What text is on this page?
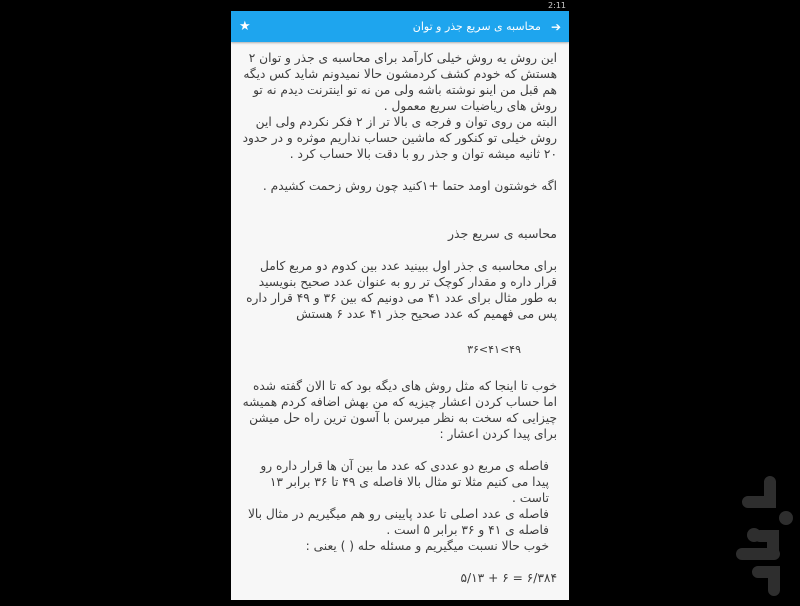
2:11
★	➔
محاسبه ی سریع جذر و توان

این روش یه روش خیلی کارآمد برای محاسبه ی جذر و توان ۲ هستش که خودم کشف کردمشون حالا نمیدونم شاید کس دیگه هم قبل من اینو نوشته باشه ولی من نه تو اینترنت دیدم نه تو روش های ریاضیات سریع معمول .

البته من روی توان و فرجه ی بالا تر از ۲ فکر نکردم ولی این روش خیلی تو کنکور که ماشین حساب نداریم موثره و در حدود ۲۰ ثانیه میشه توان و جذر رو با دقت بالا حساب کرد .

اگه خوشتون اومد حتما +۱کنید چون روش زحمت کشیدم .

محاسبه ی سریع جذر

برای محاسبه ی جذر اول ببینید عدد بین کدوم دو مربع کامل قرار داره و مقدار کوچک تر رو به عنوان عدد صحیح بنویسید

به طور مثال برای عدد ۴۱ می دونیم که بین ۳۶ و ۴۹ قرار داره پس می فهمیم که عدد صحیح جذر ۴۱ عدد ۶ هستش

۴۹>۴۱>۳۶

خوب تا اینجا که مثل روش های دیگه بود که تا الان گفته شده اما حساب کردن اعشار چیزیه که من بهش اضافه کردم همیشه چیزایی که سخت به نظر میرسن با آسون ترین راه حل میشن برای پیدا کردن اعشار :

فاصله ی مربع دو عددی که عدد ما بین آن ها قرار داره رو پیدا می کنیم مثلا تو مثال بالا فاصله ی ۴۹ تا ۳۶ برابر ۱۳ تاست .

فاصله ی عدد اصلی تا عدد پایینی رو هم میگیریم در مثال بالا فاصله ی ۴۱ و ۳۶ برابر ۵ است .

خوب حالا نسبت میگیریم و مسئله حله ( ) یعنی :

۶/۳۸۴ = ۶ + ۵/۱۳
